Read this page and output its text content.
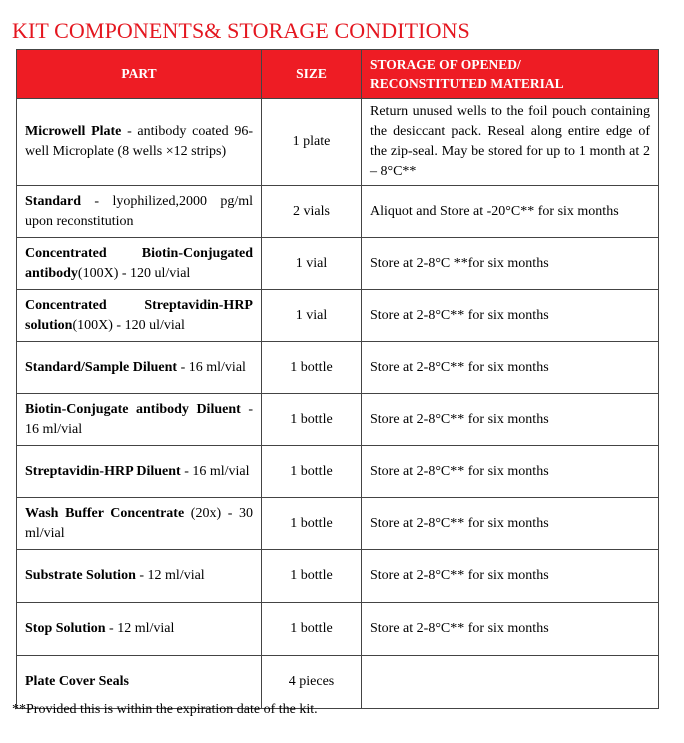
KIT COMPONENTS& STORAGE CONDITIONS
PART	SIZE	STORAGE OF OPENED/
RECONSTITUTED MATERIAL
Microwell Plate - antibody coated 96-well Microplate (8 wells ×12 strips)	1 plate	Return unused wells to the foil pouch containing the desiccant pack. Reseal along entire edge of the zip-seal. May be stored for up to 1 month at 2 – 8°C**
Standard - lyophilized,2000 pg/ml upon reconstitution	2 vials	Aliquot and Store at -20°C** for six months
Concentrated Biotin-Conjugated antibody(100X) - 120 ul/vial	1 vial	Store at 2-8°C **for six months
Concentrated Streptavidin-HRP solution(100X) - 120 ul/vial	1 vial	Store at 2-8°C** for six months
Standard/Sample Diluent - 16 ml/vial	1 bottle	Store at 2-8°C** for six months
Biotin-Conjugate antibody Diluent - 16 ml/vial	1 bottle	Store at 2-8°C** for six months
Streptavidin-HRP Diluent - 16 ml/vial	1 bottle	Store at 2-8°C** for six months
Wash Buffer Concentrate (20x) - 30 ml/vial	1 bottle	Store at 2-8°C** for six months
Substrate Solution - 12 ml/vial	1 bottle	Store at 2-8°C** for six months
Stop Solution - 12 ml/vial	1 bottle	Store at 2-8°C** for six months
Plate Cover Seals	4 pieces	

**Provided this is within the expiration date of the kit.
